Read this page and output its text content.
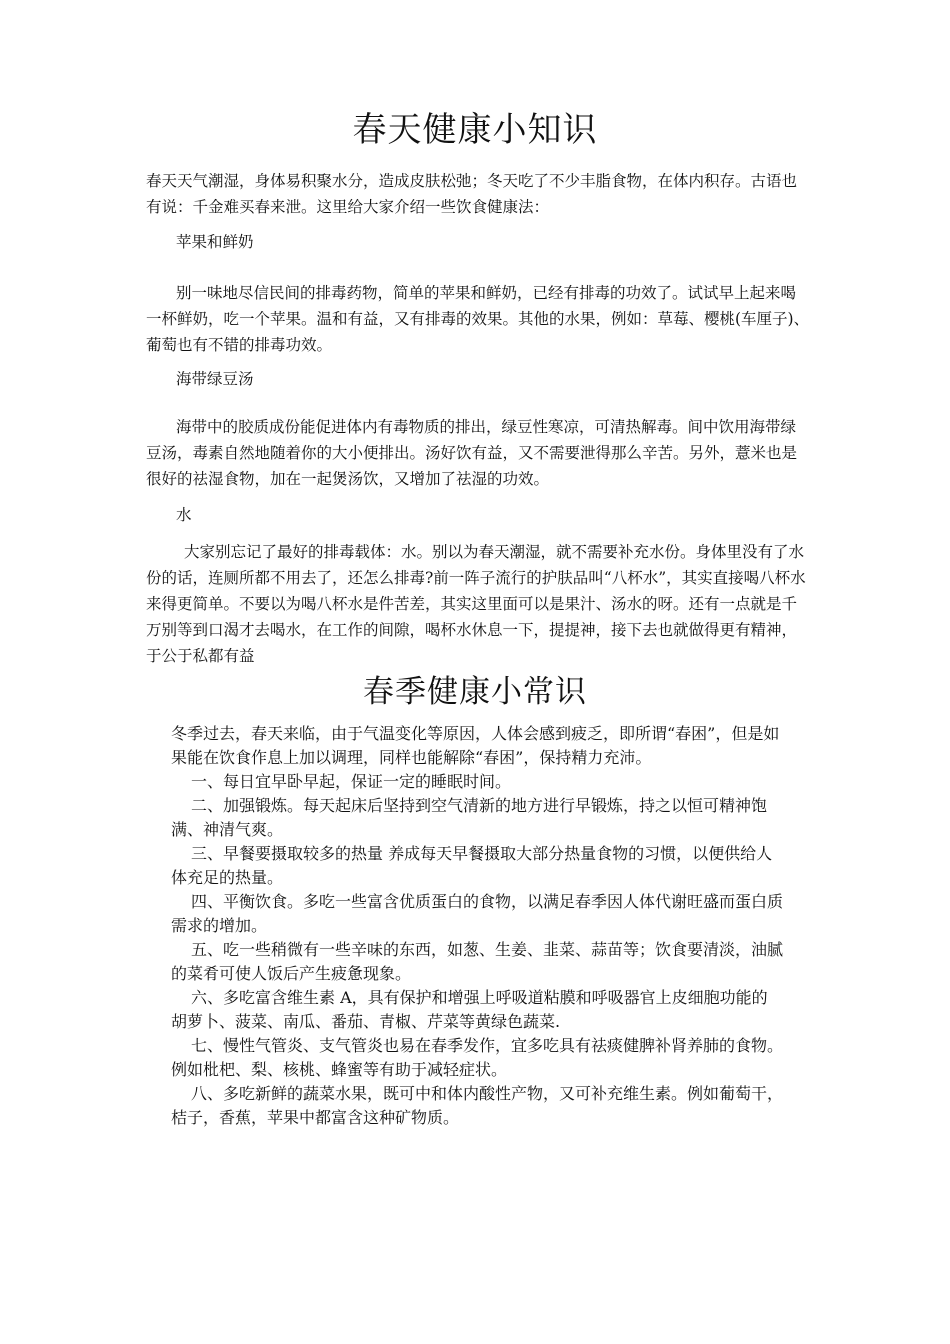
春天健康小知识

春天天气潮湿，身体易积聚水分，造成皮肤松弛；冬天吃了不少丰脂食物，在体内积存。古语也有说：千金难买春来泄。这里给大家介绍一些饮食健康法：

苹果和鲜奶

别一味地尽信民间的排毒药物，简单的苹果和鲜奶，已经有排毒的功效了。试试早上起来喝一杯鲜奶，吃一个苹果。温和有益，又有排毒的效果。其他的水果，例如：草莓、樱桃(车厘子)、葡萄也有不错的排毒功效。

海带绿豆汤

海带中的胶质成份能促进体内有毒物质的排出，绿豆性寒凉，可清热解毒。间中饮用海带绿豆汤，毒素自然地随着你的大小便排出。汤好饮有益，又不需要泄得那么辛苦。另外，薏米也是很好的祛湿食物，加在一起煲汤饮，又增加了祛湿的功效。

水

大家别忘记了最好的排毒载体：水。别以为春天潮湿，就不需要补充水份。身体里没有了水份的话，连厕所都不用去了，还怎么排毒?前一阵子流行的护肤品叫“八杯水”，其实直接喝八杯水来得更简单。不要以为喝八杯水是件苦差，其实这里面可以是果汁、汤水的呀。还有一点就是千万别等到口渴才去喝水，在工作的间隙，喝杯水休息一下，提提神，接下去也就做得更有精神，于公于私都有益

春季健康小常识

冬季过去，春天来临，由于气温变化等原因，人体会感到疲乏，即所谓“春困”，但是如果能在饮食作息上加以调理，同样也能解除“春困”，保持精力充沛。

一、每日宜早卧早起，保证一定的睡眠时间。

二、加强锻炼。每天起床后坚持到空气清新的地方进行早锻炼，持之以恒可精神饱满、神清气爽。

三、早餐要摄取较多的热量 养成每天早餐摄取大部分热量食物的习惯，以便供给人体充足的热量。

四、平衡饮食。多吃一些富含优质蛋白的食物，以满足春季因人体代谢旺盛而蛋白质需求的增加。

五、吃一些稍微有一些辛味的东西，如葱、生姜、韭菜、蒜苗等；饮食要清淡，油腻的菜肴可使人饭后产生疲惫现象。

六、多吃富含维生素 A，具有保护和增强上呼吸道粘膜和呼吸器官上皮细胞功能的胡萝卜、菠菜、南瓜、番茄、青椒、芹菜等黄绿色蔬菜.

七、慢性气管炎、支气管炎也易在春季发作，宜多吃具有祛痰健脾补肾养肺的食物。例如枇杷、梨、核桃、蜂蜜等有助于减轻症状。

八、多吃新鲜的蔬菜水果，既可中和体内酸性产物，又可补充维生素。例如葡萄干，桔子，香蕉，苹果中都富含这种矿物质。
